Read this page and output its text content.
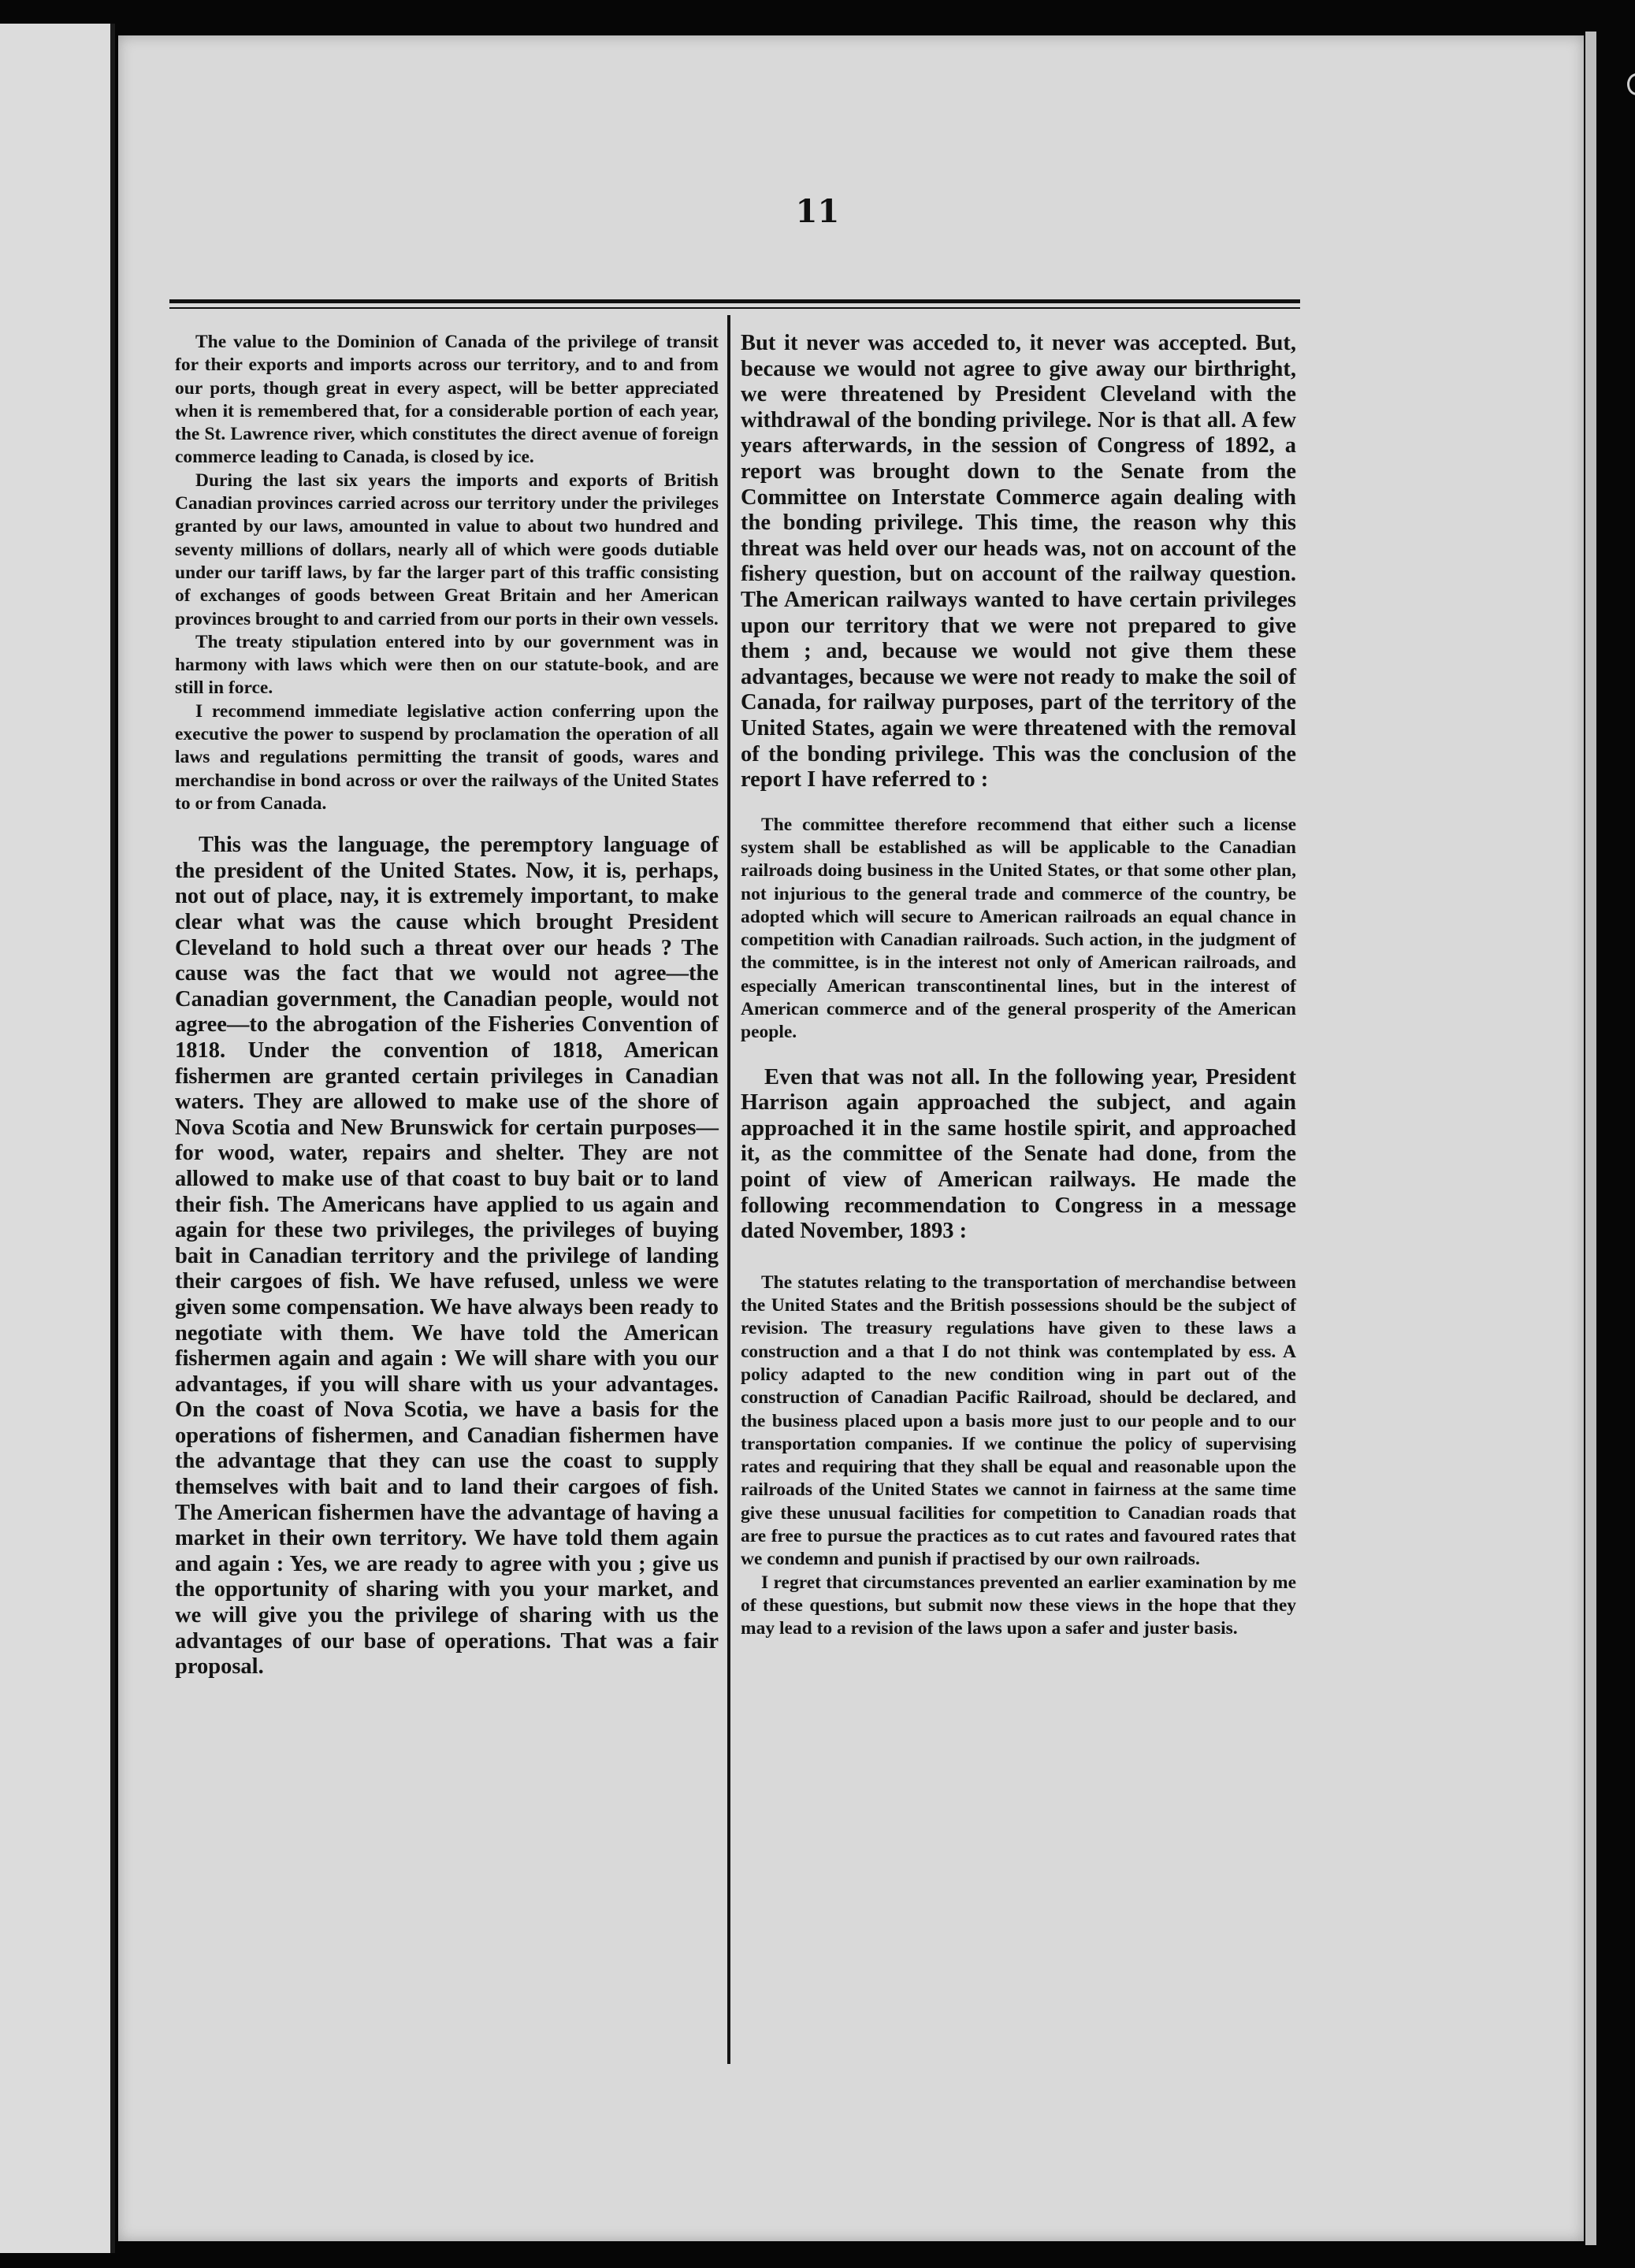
11

The value to the Dominion of Canada of the privilege of transit for their exports and imports across our territory, and to and from our ports, though great in every aspect, will be better appreciated when it is remembered that, for a considerable portion of each year, the St. Lawrence river, which constitutes the direct avenue of foreign commerce leading to Canada, is closed by ice.

During the last six years the imports and exports of British Canadian provinces carried across our territory under the privileges granted by our laws, amounted in value to about two hundred and seventy millions of dollars, nearly all of which were goods dutiable under our tariff laws, by far the larger part of this traffic consisting of exchanges of goods between Great Britain and her American provinces brought to and carried from our ports in their own vessels.

The treaty stipulation entered into by our government was in harmony with laws which were then on our statute-book, and are still in force.

I recommend immediate legislative action conferring upon the executive the power to suspend by proclamation the operation of all laws and regulations permitting the transit of goods, wares and merchandise in bond across or over the railways of the United States to or from Canada.

This was the language, the peremptory language of the president of the United States. Now, it is, perhaps, not out of place, nay, it is extremely important, to make clear what was the cause which brought President Cleveland to hold such a threat over our heads ? The cause was the fact that we would not agree—the Canadian government, the Canadian people, would not agree—to the abrogation of the Fisheries Convention of 1818. Under the convention of 1818, American fishermen are granted certain privileges in Canadian waters. They are allowed to make use of the shore of Nova Scotia and New Brunswick for certain purposes—for wood, water, repairs and shelter. They are not allowed to make use of that coast to buy bait or to land their fish. The Americans have applied to us again and again for these two privileges, the privileges of buying bait in Canadian territory and the privilege of landing their cargoes of fish. We have refused, unless we were given some compensation. We have always been ready to negotiate with them. We have told the American fishermen again and again : We will share with you our advantages, if you will share with us your advantages. On the coast of Nova Scotia, we have a basis for the operations of fishermen, and Canadian fishermen have the advantage that they can use the coast to supply themselves with bait and to land their cargoes of fish. The American fishermen have the advantage of having a market in their own territory. We have told them again and again : Yes, we are ready to agree with you ; give us the opportunity of sharing with you your market, and we will give you the privilege of sharing with us the advantages of our base of operations. That was a fair proposal.

But it never was acceded to, it never was accepted. But, because we would not agree to give away our birthright, we were threatened by President Cleveland with the withdrawal of the bonding privilege. Nor is that all. A few years afterwards, in the session of Congress of 1892, a report was brought down to the Senate from the Committee on Interstate Commerce again dealing with the bonding privilege. This time, the reason why this threat was held over our heads was, not on account of the fishery question, but on account of the railway question. The American railways wanted to have certain privileges upon our territory that we were not prepared to give them ; and, because we would not give them these advantages, because we were not ready to make the soil of Canada, for railway purposes, part of the territory of the United States, again we were threatened with the removal of the bonding privilege. This was the conclusion of the report I have referred to :

The committee therefore recommend that either such a license system shall be established as will be applicable to the Canadian railroads doing business in the United States, or that some other plan, not injurious to the general trade and commerce of the country, be adopted which will secure to American railroads an equal chance in competition with Canadian railroads. Such action, in the judgment of the committee, is in the interest not only of American railroads, and especially American transcontinental lines, but in the interest of American commerce and of the general prosperity of the American people.

Even that was not all. In the following year, President Harrison again approached the subject, and again approached it in the same hostile spirit, and approached it, as the committee of the Senate had done, from the point of view of American railways. He made the following recommendation to Congress in a message dated November, 1893 :

The statutes relating to the transportation of merchandise between the United States and the British possessions should be the subject of revision. The treasury regulations have given to these laws a construction and a that I do not think was contemplated by ess. A policy adapted to the new condition wing in part out of the construction of Canadian Pacific Railroad, should be declared, and the business placed upon a basis more just to our people and to our transportation companies. If we continue the policy of supervising rates and requiring that they shall be equal and reasonable upon the railroads of the United States we cannot in fairness at the same time give these unusual facilities for competition to Canadian roads that are free to pursue the practices as to cut rates and favoured rates that we condemn and punish if practised by our own railroads.

I regret that circumstances prevented an earlier examination by me of these questions, but submit now these views in the hope that they may lead to a revision of the laws upon a safer and juster basis.
